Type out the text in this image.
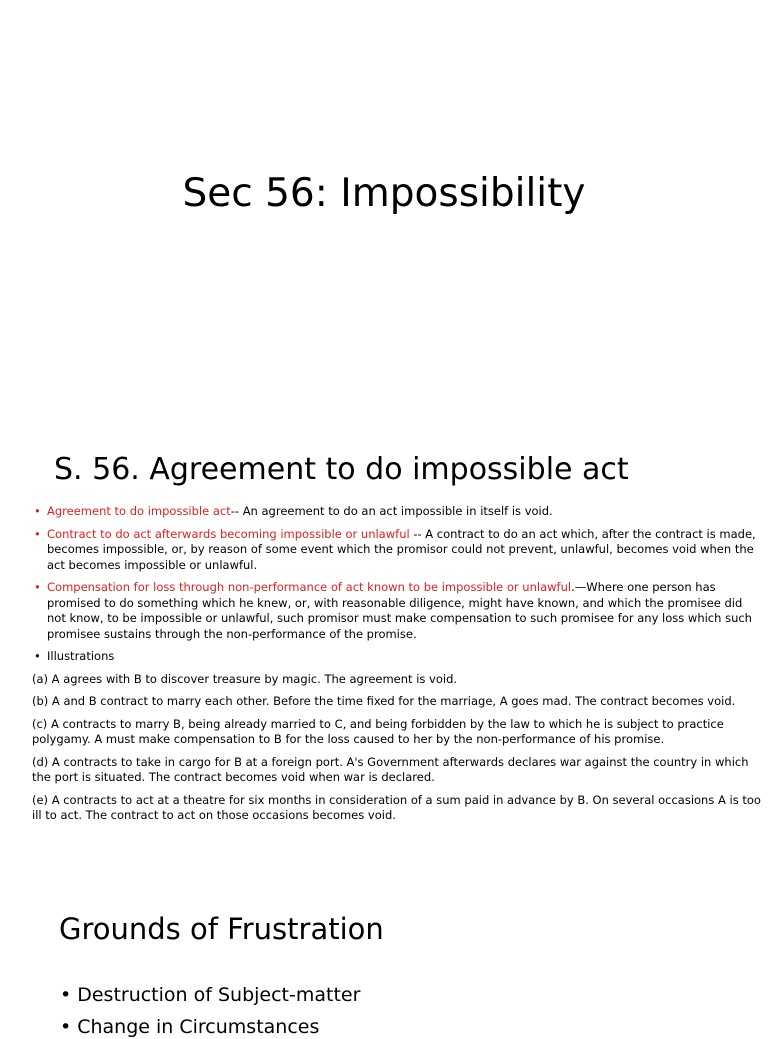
Sec 56: Impossibility
S. 56. Agreement to do impossible act
• Agreement to do impossible act-- An agreement to do an act impossible in itself is void.
• Contract to do act afterwards becoming impossible or unlawful -- A contract to do an act which, after the contract is made, becomes impossible, or, by reason of some event which the promisor could not prevent, unlawful, becomes void when the act becomes impossible or unlawful.
• Compensation for loss through non-performance of act known to be impossible or unlawful.—Where one person has promised to do something which he knew, or, with reasonable diligence, might have known, and which the promisee did not know, to be impossible or unlawful, such promisor must make compensation to such promisee for any loss which such promisee sustains through the non-performance of the promise.
• Illustrations
(a) A agrees with B to discover treasure by magic. The agreement is void.
(b) A and B contract to marry each other. Before the time fixed for the marriage, A goes mad. The contract becomes void.
(c) A contracts to marry B, being already married to C, and being forbidden by the law to which he is subject to practice polygamy. A must make compensation to B for the loss caused to her by the non-performance of his promise.
(d) A contracts to take in cargo for B at a foreign port. A's Government afterwards declares war against the country in which the port is situated. The contract becomes void when war is declared.
(e) A contracts to act at a theatre for six months in consideration of a sum paid in advance by B. On several occasions A is too ill to act. The contract to act on those occasions becomes void.
Grounds of Frustration
• Destruction of Subject-matter
• Change in Circumstances
